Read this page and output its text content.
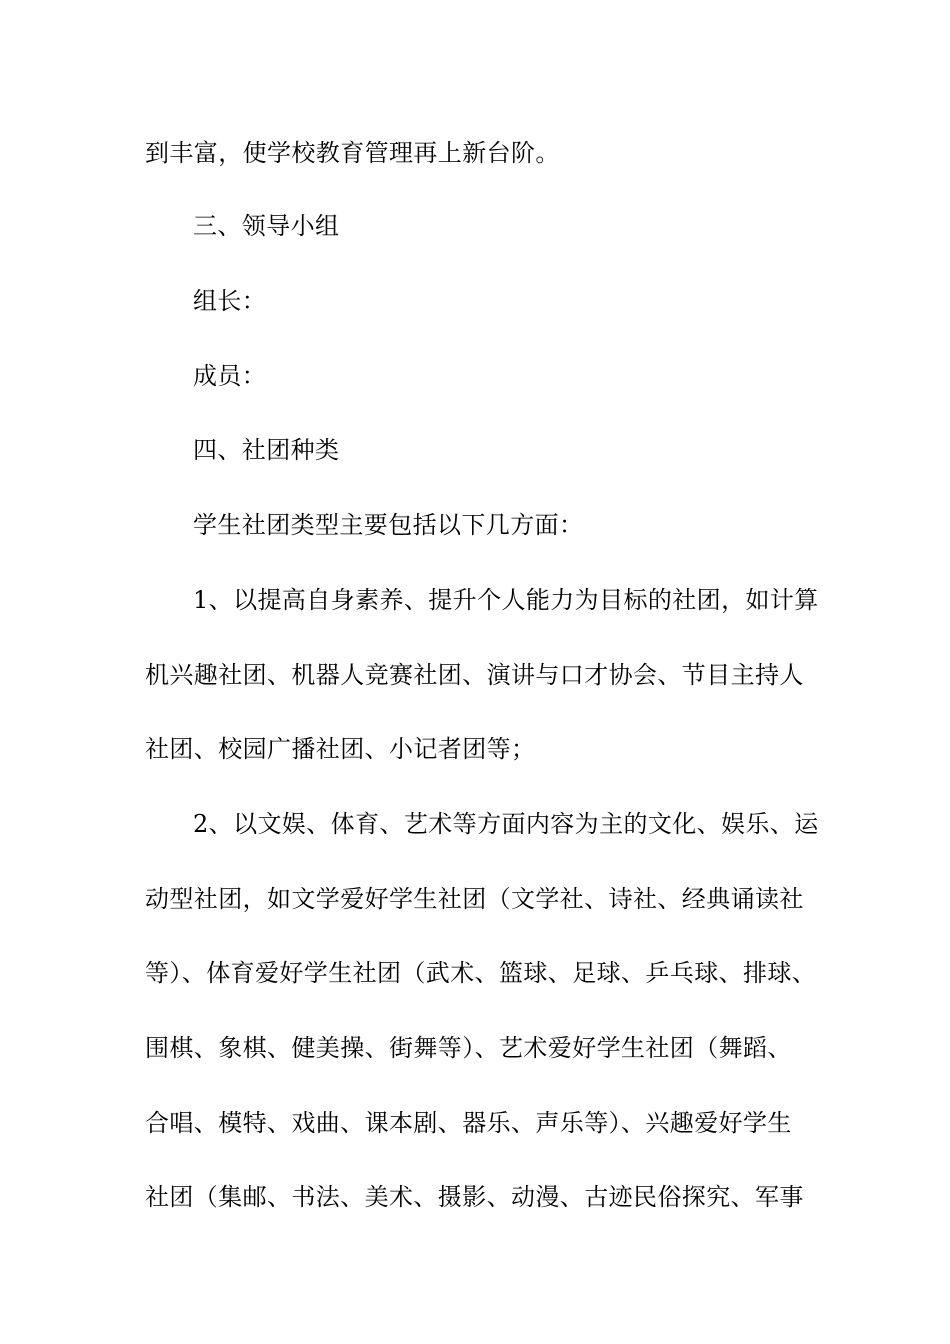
到丰富，使学校教育管理再上新台阶。
三、领导小组
组长：
成员：
四、社团种类
学生社团类型主要包括以下几方面：
1、以提高自身素养、提升个人能力为目标的社团，如计算
机兴趣社团、机器人竞赛社团、演讲与口才协会、节目主持人
社团、校园广播社团、小记者团等；
2、以文娱、体育、艺术等方面内容为主的文化、娱乐、运
动型社团，如文学爱好学生社团（文学社、诗社、经典诵读社
等）、体育爱好学生社团（武术、篮球、足球、乒乓球、排球、
围棋、象棋、健美操、街舞等）、艺术爱好学生社团（舞蹈、
合唱、模特、戏曲、课本剧、器乐、声乐等）、兴趣爱好学生
社团（集邮、书法、美术、摄影、动漫、古迹民俗探究、军事
